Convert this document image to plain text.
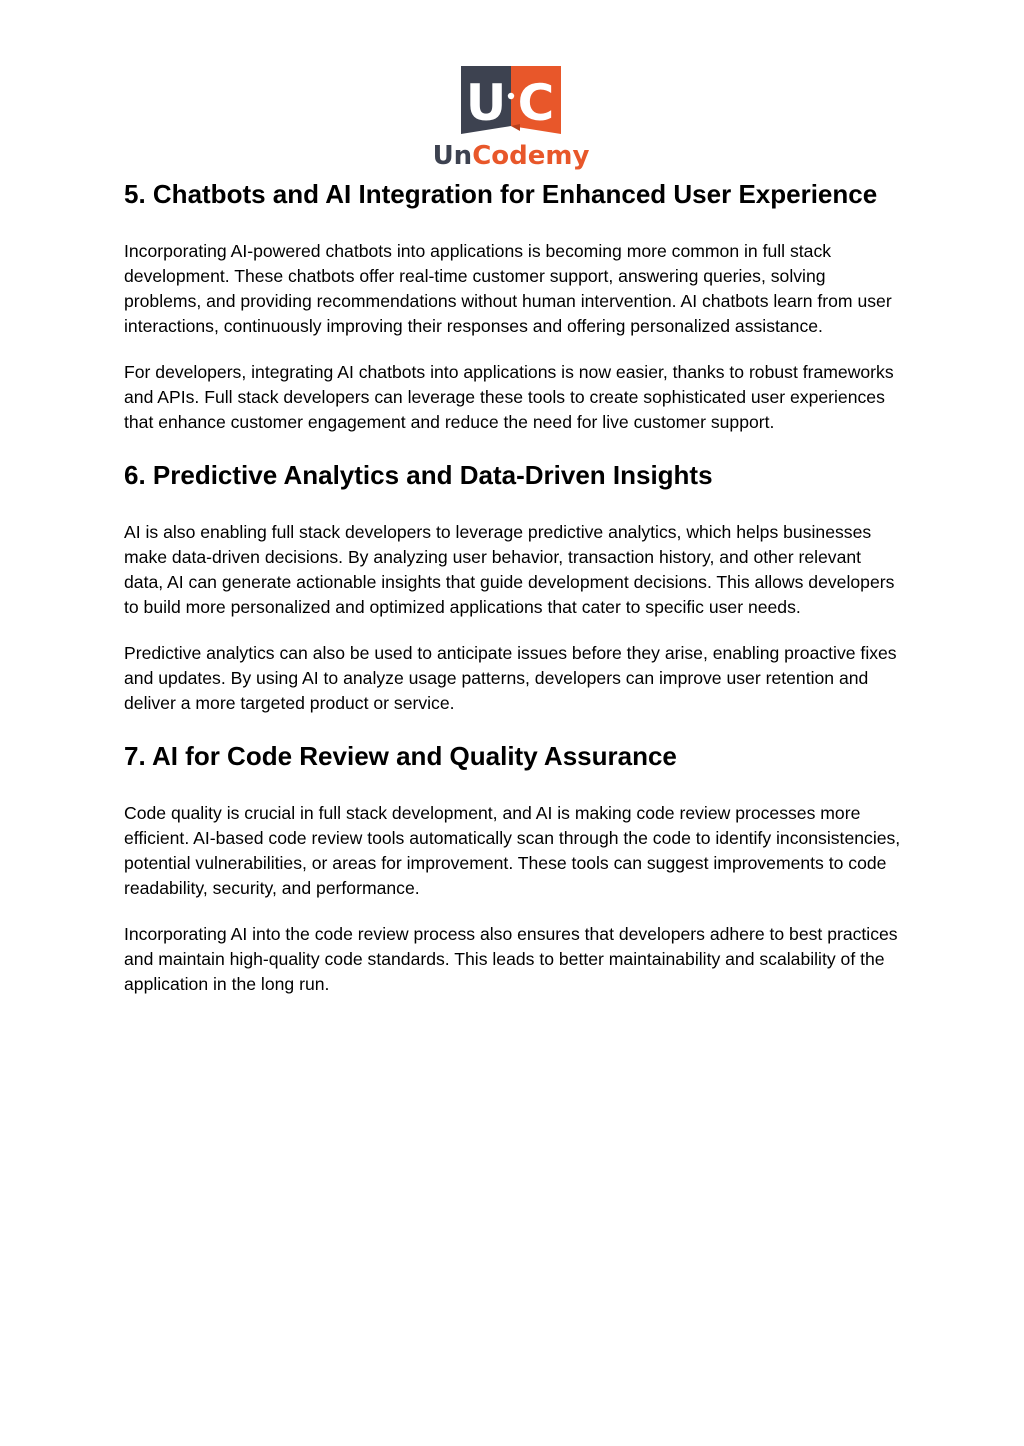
U C
UnCodemy
5. Chatbots and AI Integration for Enhanced User Experience

Incorporating AI-powered chatbots into applications is becoming more common in full stack development. These chatbots offer real-time customer support, answering queries, solving problems, and providing recommendations without human intervention. AI chatbots learn from user interactions, continuously improving their responses and offering personalized assistance.

For developers, integrating AI chatbots into applications is now easier, thanks to robust frameworks and APIs. Full stack developers can leverage these tools to create sophisticated user experiences that enhance customer engagement and reduce the need for live customer support.

6. Predictive Analytics and Data-Driven Insights

AI is also enabling full stack developers to leverage predictive analytics, which helps businesses make data-driven decisions. By analyzing user behavior, transaction history, and other relevant data, AI can generate actionable insights that guide development decisions. This allows developers to build more personalized and optimized applications that cater to specific user needs.

Predictive analytics can also be used to anticipate issues before they arise, enabling proactive fixes and updates. By using AI to analyze usage patterns, developers can improve user retention and deliver a more targeted product or service.

7. AI for Code Review and Quality Assurance

Code quality is crucial in full stack development, and AI is making code review processes more efficient. AI-based code review tools automatically scan through the code to identify inconsistencies, potential vulnerabilities, or areas for improvement. These tools can suggest improvements to code readability, security, and performance.

Incorporating AI into the code review process also ensures that developers adhere to best practices and maintain high-quality code standards. This leads to better maintainability and scalability of the application in the long run.
